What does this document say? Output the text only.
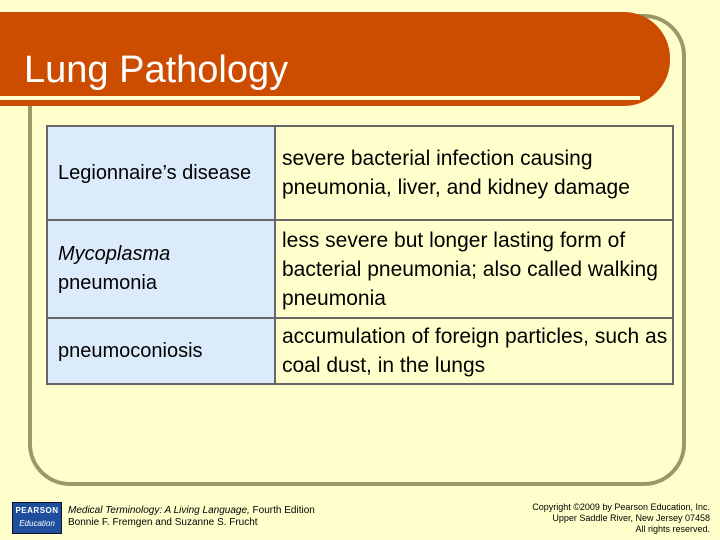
Lung Pathology
Legionnaire’s disease	severe bacterial infection causing pneumonia, liver, and kidney damage
Mycoplasma pneumonia	less severe but longer lasting form of bacterial pneumonia; also called walking pneumonia
pneumoconiosis	accumulation of foreign particles, such as coal dust, in the lungs
PEARSON
Education
Medical Terminology: A Living Language, Fourth Edition
Bonnie F. Fremgen and Suzanne S. Frucht
Copyright ©2009 by Pearson Education, Inc.
Upper Saddle River, New Jersey 07458
All rights reserved.
